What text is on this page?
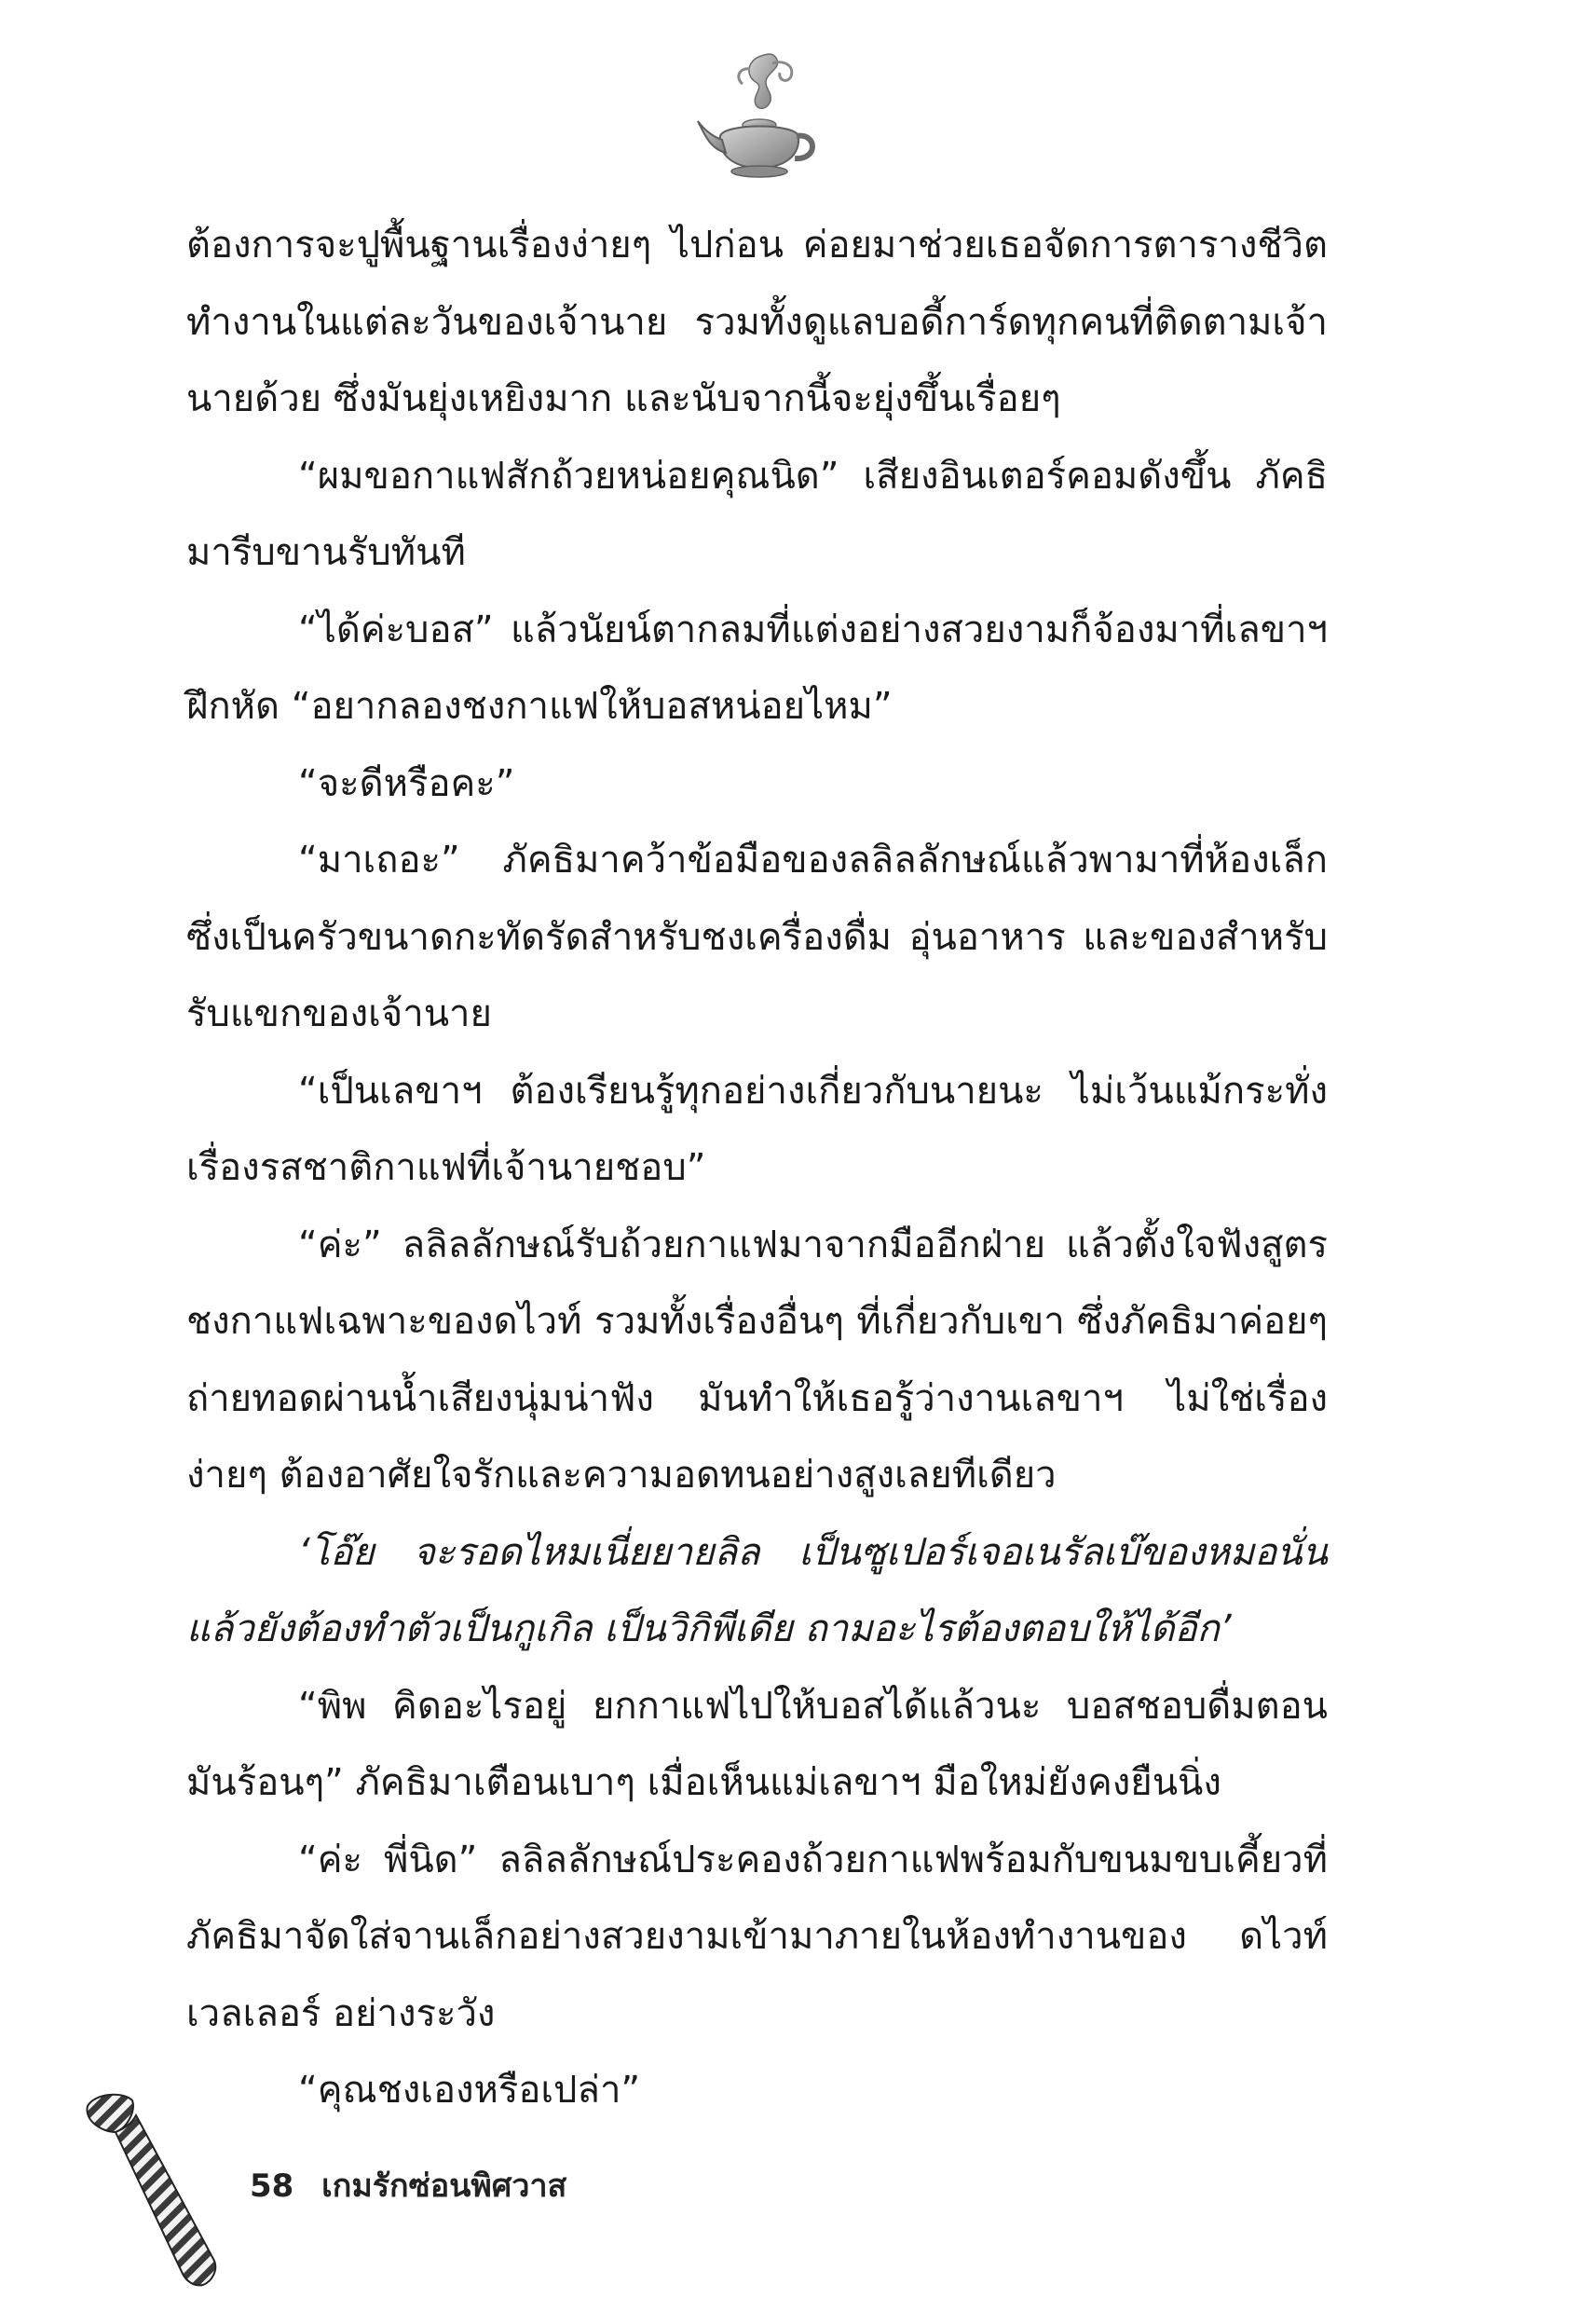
ต้องการจะปูพื้นฐานเรื่องง่ายๆ ไปก่อน ค่อยมาช่วยเธอจัดการตารางชีวิตทำงานในแต่ละวันของเจ้านาย รวมทั้งดูแลบอดี้การ์ดทุกคนที่ติดตามเจ้านายด้วย ซึ่งมันยุ่งเหยิงมาก และนับจากนี้จะยุ่งขึ้นเรื่อยๆ

“ผมขอกาแฟสักถ้วยหน่อยคุณนิด” เสียงอินเตอร์คอมดังขึ้น ภัคธิมารีบขานรับทันที

“ได้ค่ะบอส” แล้วนัยน์ตากลมที่แต่งอย่างสวยงามก็จ้องมาที่เลขาฯ ฝึกหัด “อยากลองชงกาแฟให้บอสหน่อยไหม”

“จะดีหรือคะ”

“มาเถอะ” ภัคธิมาคว้าข้อมือของลลิลลักษณ์แล้วพามาที่ห้องเล็กซึ่งเป็นครัวขนาดกะทัดรัดสำหรับชงเครื่องดื่ม อุ่นอาหาร และของสำหรับรับแขกของเจ้านาย

“เป็นเลขาฯ ต้องเรียนรู้ทุกอย่างเกี่ยวกับนายนะ ไม่เว้นแม้กระทั่งเรื่องรสชาติกาแฟที่เจ้านายชอบ”

“ค่ะ” ลลิลลักษณ์รับถ้วยกาแฟมาจากมืออีกฝ่าย แล้วตั้งใจฟังสูตรชงกาแฟเฉพาะของดไวท์ รวมทั้งเรื่องอื่นๆ ที่เกี่ยวกับเขา ซึ่งภัคธิมาค่อยๆ ถ่ายทอดผ่านน้ำเสียงนุ่มน่าฟัง มันทำให้เธอรู้ว่างานเลขาฯ ไม่ใช่เรื่องง่ายๆ ต้องอาศัยใจรักและความอดทนอย่างสูงเลยทีเดียว

‘โอ๊ย จะรอดไหมเนี่ยยายลิล เป็นซูเปอร์เจอเนรัลเบ๊ของหมอนั่นแล้วยังต้องทำตัวเป็นกูเกิล เป็นวิกิพีเดีย ถามอะไรต้องตอบให้ได้อีก’

“พิพ คิดอะไรอยู่ ยกกาแฟไปให้บอสได้แล้วนะ บอสชอบดื่มตอนมันร้อนๆ” ภัคธิมาเตือนเบาๆ เมื่อเห็นแม่เลขาฯ มือใหม่ยังคงยืนนิ่ง

“ค่ะ พี่นิด” ลลิลลักษณ์ประคองถ้วยกาแฟพร้อมกับขนมขบเคี้ยวที่ภัคธิมาจัดใส่จานเล็กอย่างสวยงามเข้ามาภายในห้องทำงานของ ดไวท์ เวลเลอร์ อย่างระวัง

“คุณชงเองหรือเปล่า”

58 เกมรักซ่อนพิศวาส
